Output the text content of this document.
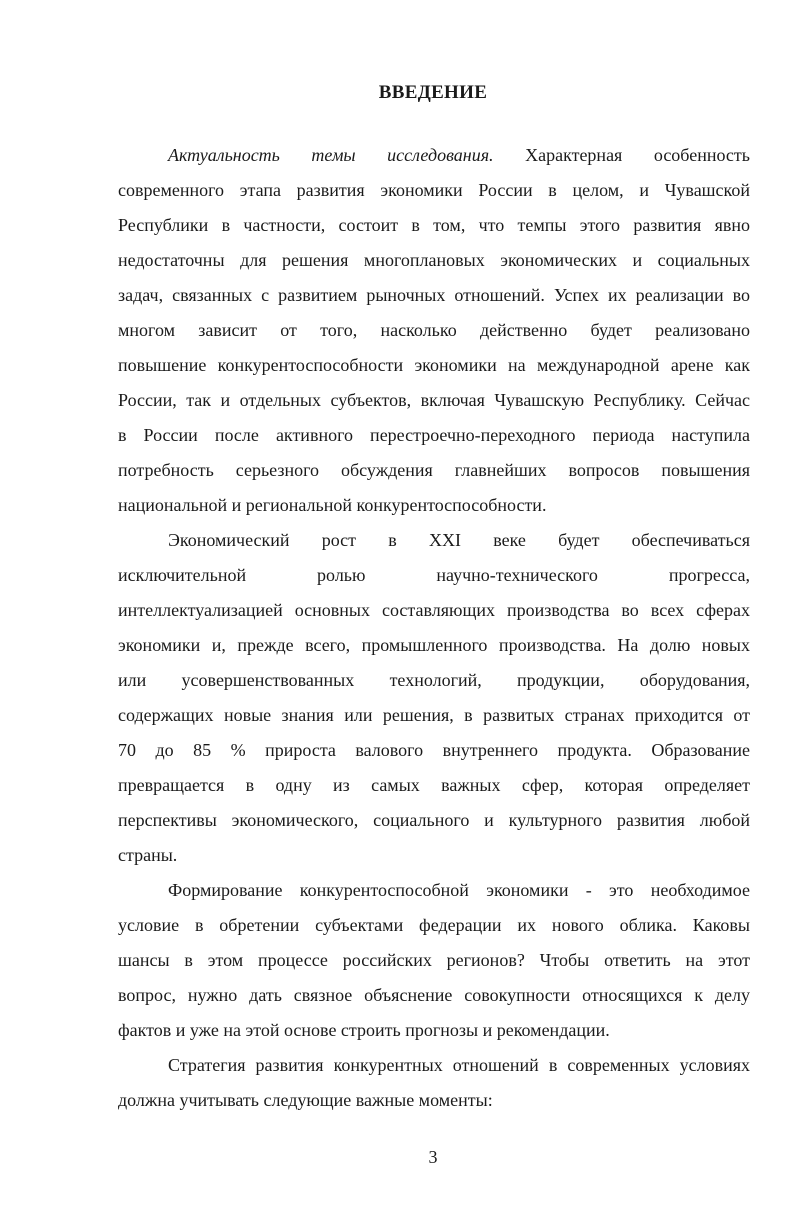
ВВЕДЕНИЕ
Актуальность темы исследования. Характерная особенность
современного этапа развития экономики России в целом, и Чувашской
Республики в частности, состоит в том, что темпы этого развития явно
недостаточны для решения многоплановых экономических и социальных
задач, связанных с развитием рыночных отношений. Успех их реализации во
многом зависит от того, насколько действенно будет реализовано
повышение конкурентоспособности экономики на международной арене как
России, так и отдельных субъектов, включая Чувашскую Республику. Сейчас
в России после активного перестроечно-переходного периода наступила
потребность серьезного обсуждения главнейших вопросов повышения
национальной и региональной конкурентоспособности.
Экономический рост в XXI веке будет обеспечиваться
исключительной ролью научно-технического прогресса,
интеллектуализацией основных составляющих производства во всех сферах
экономики и, прежде всего, промышленного производства. На долю новых
или усовершенствованных технологий, продукции, оборудования,
содержащих новые знания или решения, в развитых странах приходится от
70 до 85 % прироста валового внутреннего продукта. Образование
превращается в одну из самых важных сфер, которая определяет
перспективы экономического, социального и культурного развития любой
страны.
Формирование конкурентоспособной экономики - это необходимое
условие в обретении субъектами федерации их нового облика. Каковы
шансы в этом процессе российских регионов? Чтобы ответить на этот
вопрос, нужно дать связное объяснение совокупности относящихся к делу
фактов и уже на этой основе строить прогнозы и рекомендации.
Стратегия развития конкурентных отношений в современных условиях
должна учитывать следующие важные моменты:
3
